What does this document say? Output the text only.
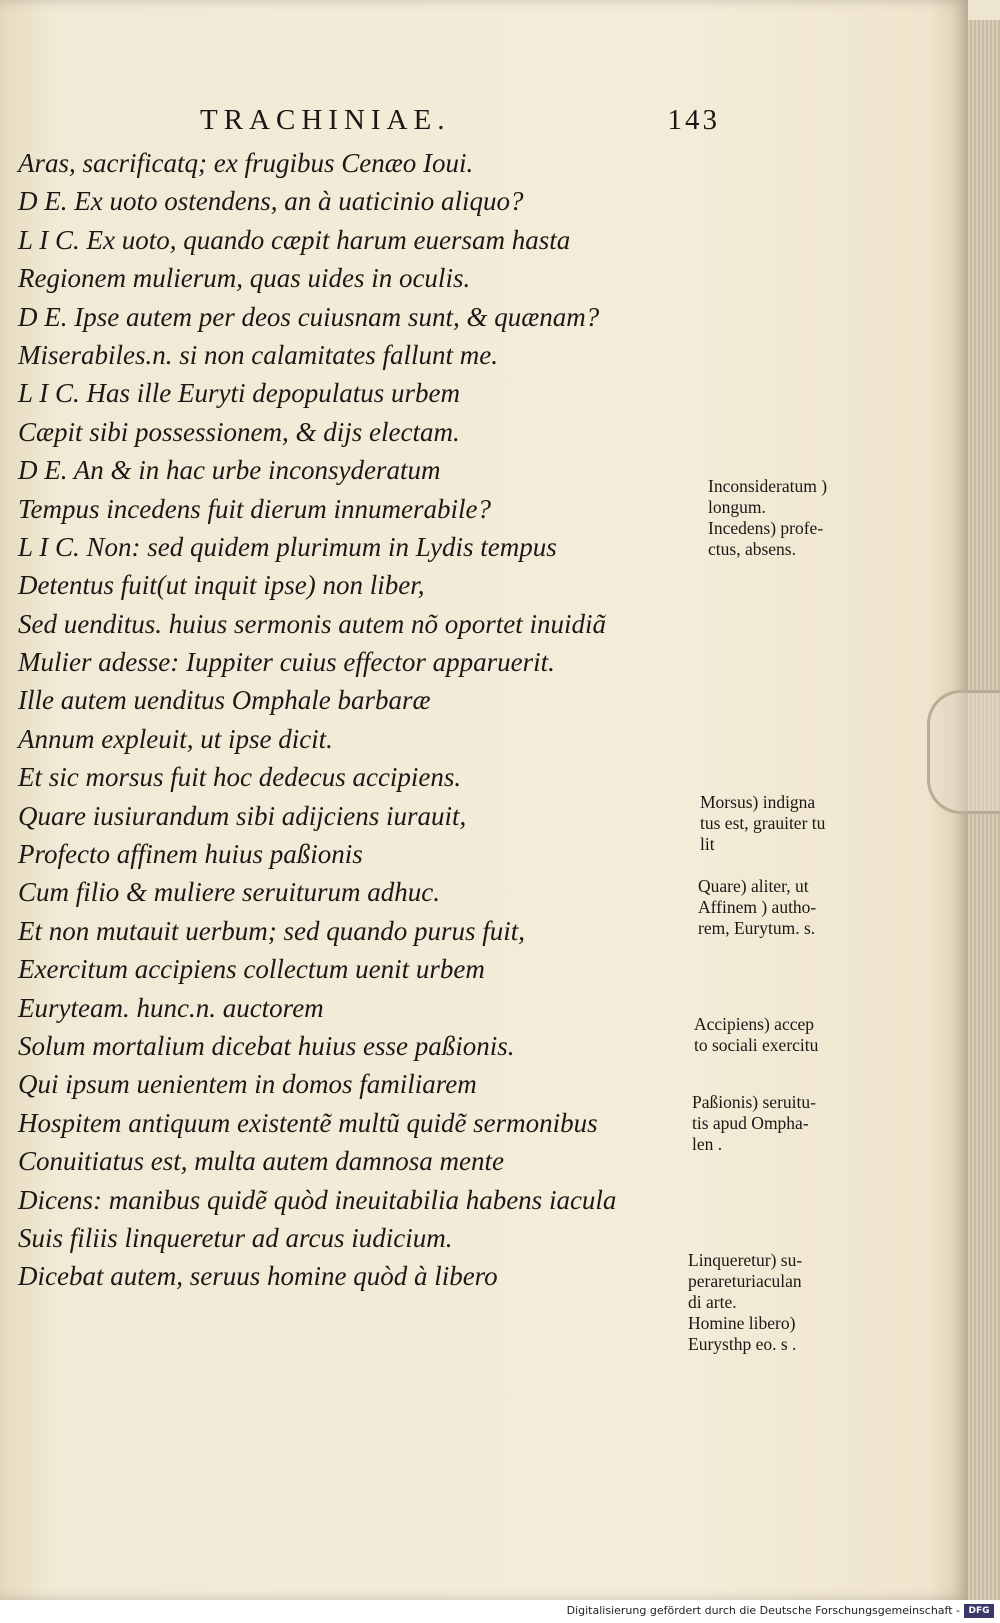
TRACHINIAE.	143
Aras, sacrificatq; ex frugibus Cenæo Ioui.
D E. Ex uoto ostendens, an à uaticinio aliquo?
L I C. Ex uoto, quando cæpit harum euersam hasta
Regionem mulierum, quas uides in oculis.
D E. Ipse autem per deos cuiusnam sunt, & quænam?
Miserabiles.n. si non calamitates fallunt me.
L I C. Has ille Euryti depopulatus urbem
Cæpit sibi possessionem, & dijs electam.
D E. An & in hac urbe inconsyderatum
Tempus incedens fuit dierum innumerabile?
L I C. Non: sed quidem plurimum in Lydis tempus
Detentus fuit(ut inquit ipse) non liber,
Sed uenditus. huius sermonis autem nõ oportet inuidiã
Mulier adesse: Iuppiter cuius effector apparuerit.
Ille autem uenditus Omphale barbaræ
Annum expleuit, ut ipse dicit.
Et sic morsus fuit hoc dedecus accipiens.
Quare iusiurandum sibi adijciens iurauit,
Profecto affinem huius paßionis
Cum filio & muliere seruiturum adhuc.
Et non mutauit uerbum; sed quando purus fuit,
Exercitum accipiens collectum uenit urbem
Euryteam. hunc.n. auctorem
Solum mortalium dicebat huius esse paßionis.
Qui ipsum uenientem in domos familiarem
Hospitem antiquum existentẽ multũ quidẽ sermonibus
Conuitiatus est, multa autem damnosa mente
Dicens: manibus quidẽ quòd ineuitabilia habens iacula
Suis filiis linqueretur ad arcus iudicium.
Dicebat autem, seruus homine quòd à libero
Inconsideratum )
longum.
Incedens) profe-
ctus, absens.
Morsus) indigna
tus est, grauiter tu
lit
Quare) aliter, ut
Affinem ) autho-
rem, Eurytum. s.
Accipiens) accep
to sociali exercitu
Paßionis) seruitu-
tis apud Ompha-
len .
Linqueretur) su-
perareturiaculan
di arte.
Homine libero)
Eurysthp eo. s .
Digitalisierung gefördert durch die Deutsche Forschungsgemeinschaft - DFG
